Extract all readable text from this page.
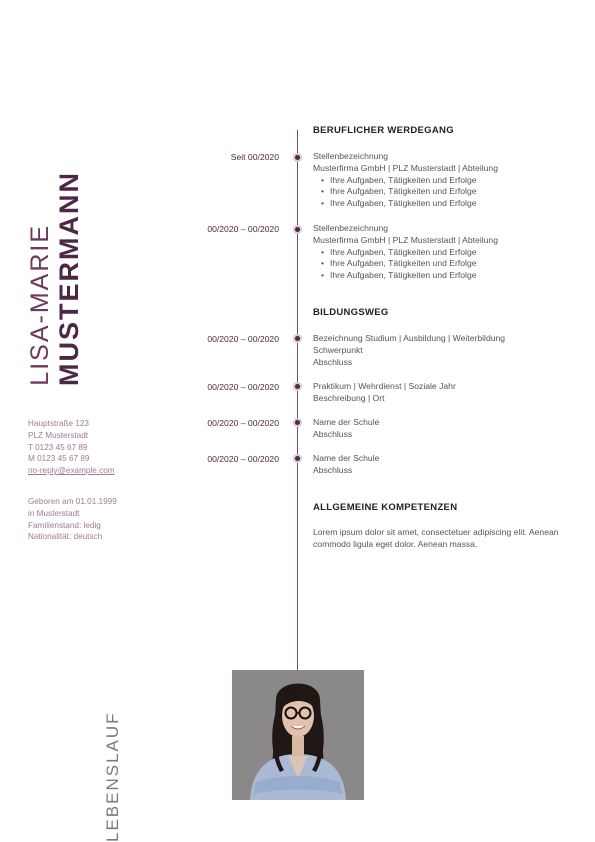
LISA-MARIE MUSTERMANN
LEBENSLAUF
Hauptstraße 123
PLZ Musterstadt
T 0123 45 67 89
M 0123 45 67 89
no-reply@example.com
Geboren am 01.01.1999
in Musterstadt
Familienstand: ledig
Nationalität: deutsch
BERUFLICHER WERDEGANG
Seit 00/2020	Stellenbezeichnung
Musterfirma GmbH | PLZ Musterstadt | Abteilung
• Ihre Aufgaben, Tätigkeiten und Erfolge
• Ihre Aufgaben, Tätigkeiten und Erfolge
• Ihre Aufgaben, Tätigkeiten und Erfolge
00/2020 – 00/2020	Stellenbezeichnung
Musterfirma GmbH | PLZ Musterstadt | Abteilung
• Ihre Aufgaben, Tätigkeiten und Erfolge
• Ihre Aufgaben, Tätigkeiten und Erfolge
• Ihre Aufgaben, Tätigkeiten und Erfolge
BILDUNGSWEG
00/2020 – 00/2020	Bezeichnung Studium | Ausbildung | Weiterbildung
Schwerpunkt
Abschluss
00/2020 – 00/2020	Praktikum | Wehrdienst | Soziale Jahr
Beschreibung | Ort
00/2020 – 00/2020	Name der Schule
Abschluss
00/2020 – 00/2020	Name der Schule
Abschluss
ALLGEMEINE KOMPETENZEN
Lorem ipsum dolor sit amet, consectetuer adipiscing elit. Aenean commodo ligula eget dolor. Aenean massa.
